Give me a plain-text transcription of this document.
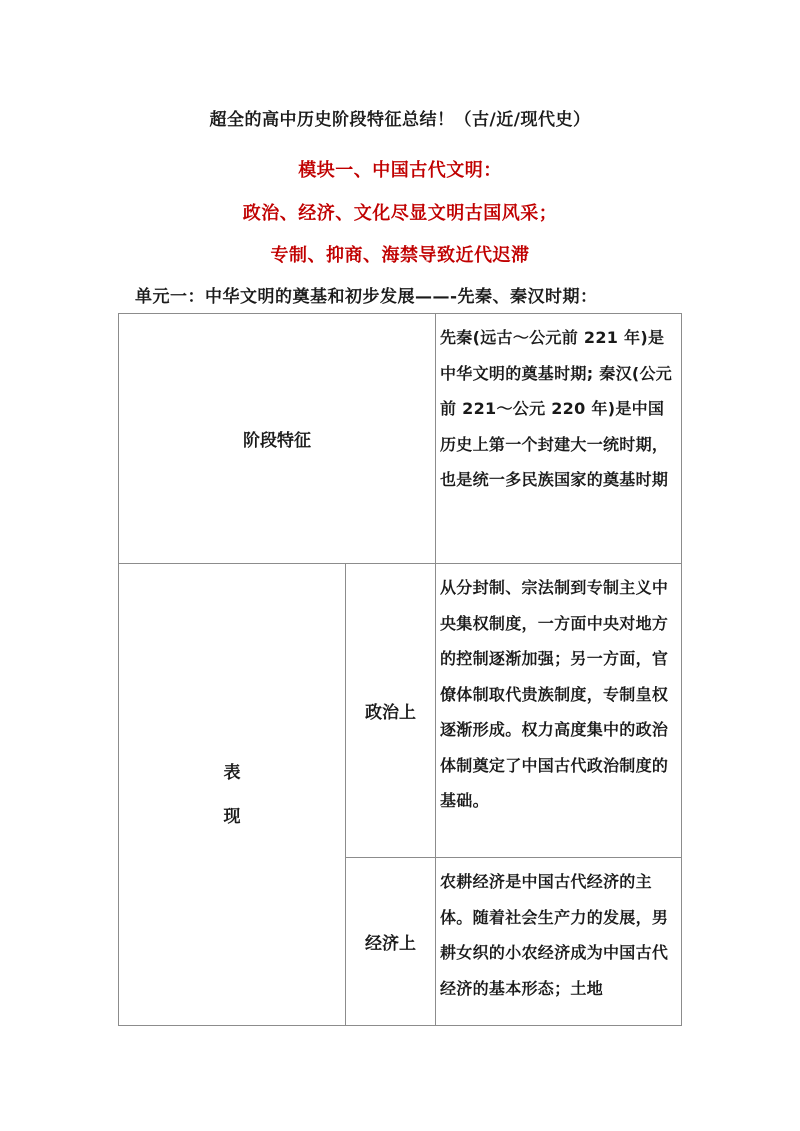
超全的高中历史阶段特征总结！（古/近/现代史）
模块一、中国古代文明：
政治、经济、文化尽显文明古国风采；
专制、抑商、海禁导致近代迟滞
单元一：中华文明的奠基和初步发展——-先秦、秦汉时期：
阶段特征		先秦(远古～公元前 221 年)是中华文明的奠基时期; 秦汉(公元前 221～公元 220 年)是中国历史上第一个封建大一统时期，也是统一多民族国家的奠基时期

表
现	政治上	从分封制、宗法制到专制主义中央集权制度，一方面中央对地方的控制逐渐加强；另一方面，官僚体制取代贵族制度，专制皇权逐渐形成。权力高度集中的政治体制奠定了中国古代政治制度的基础。
	经济上	农耕经济是中国古代经济的主体。随着社会生产力的发展，男耕女织的小农经济成为中国古代经济的基本形态；土地
